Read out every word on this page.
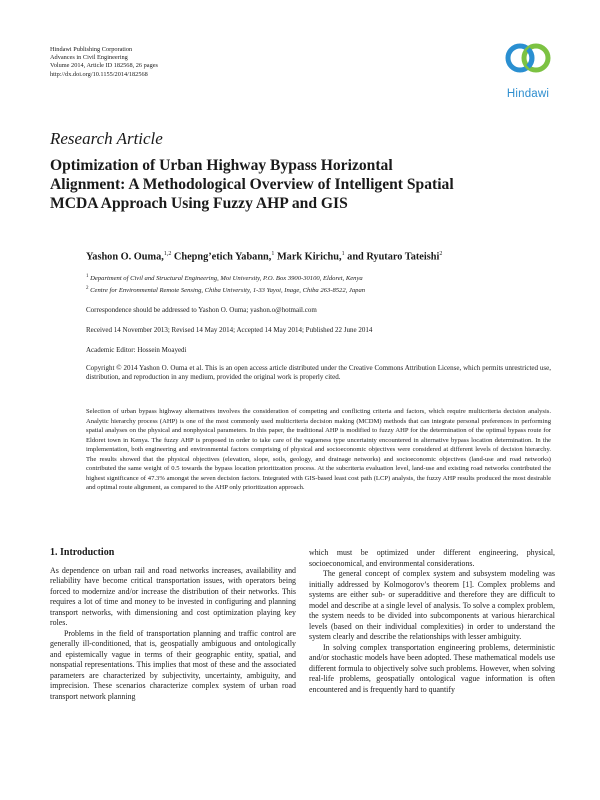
Hindawi Publishing Corporation
Advances in Civil Engineering
Volume 2014, Article ID 182568, 26 pages
http://dx.doi.org/10.1155/2014/182568
Hindawi
Research Article
Optimization of Urban Highway Bypass Horizontal Alignment: A Methodological Overview of Intelligent Spatial MCDA Approach Using Fuzzy AHP and GIS
Yashon O. Ouma,$^{1,2}$ Chepng’etich Yabann,$^1$ Mark Kirichu,$^1$ and Ryutaro Tateishi$^2$
$^1$ Department of Civil and Structural Engineering, Moi University, P.O. Box 3900-30100, Eldoret, Kenya
$^2$ Centre for Environmental Remote Sensing, Chiba University, 1-33 Yayoi, Inage, Chiba 263-8522, Japan
Correspondence should be addressed to Yashon O. Ouma; yashon.o@hotmail.com
Received 14 November 2013; Revised 14 May 2014; Accepted 14 May 2014; Published 22 June 2014
Academic Editor: Hossein Moayedi
Copyright © 2014 Yashon O. Ouma et al. This is an open access article distributed under the Creative Commons Attribution License, which permits unrestricted use, distribution, and reproduction in any medium, provided the original work is properly cited.
Selection of urban bypass highway alternatives involves the consideration of competing and conflicting criteria and factors, which require multicriteria decision analysis. Analytic hierarchy process (AHP) is one of the most commonly used multicriteria decision making (MCDM) methods that can integrate personal preferences in performing spatial analyses on the physical and nonphysical parameters. In this paper, the traditional AHP is modified to fuzzy AHP for the determination of the optimal bypass route for Eldoret town in Kenya. The fuzzy AHP is proposed in order to take care of the vagueness type uncertainty encountered in alternative bypass location determination. In the implementation, both engineering and environmental factors comprising of physical and socioeconomic objectives were considered at different levels of decision hierarchy. The results showed that the physical objectives (elevation, slope, soils, geology, and drainage networks) and socioeconomic objectives (land-use and road networks) contributed the same weight of 0.5 towards the bypass location prioritization process. At the subcriteria evaluation level, land-use and existing road networks contributed the highest significance of 47.3% amongst the seven decision factors. Integrated with GIS-based least cost path (LCP) analysis, the fuzzy AHP results produced the most desirable and optimal route alignment, as compared to the AHP only prioritization approach.
1. Introduction

As dependence on urban rail and road networks increases, availability and reliability have become critical transportation issues, with operators being forced to modernize and/or increase the distribution of their networks. This requires a lot of time and money to be invested in configuring and planning transport networks, with dimensioning and cost optimization playing key roles.

Problems in the field of transportation planning and traffic control are generally ill-conditioned, that is, geospatially ambiguous and ontologically and epistemically vague in terms of their geographic entity, spatial, and nonspatial representations. This implies that most of these and the associated parameters are characterized by subjectivity, uncertainty, ambiguity, and imprecision. These scenarios characterize complex system of urban road transport network planning

which must be optimized under different engineering, physical, socioeconomical, and environmental considerations.

The general concept of complex system and subsystem modeling was initially addressed by Kolmogorov’s theorem [1]. Complex problems and systems are either sub- or superadditive and therefore they are difficult to model and describe at a single level of analysis. To solve a complex problem, the system needs to be divided into subcomponents at various hierarchical levels (based on their individual complexities) in order to understand the system clearly and describe the relationships with lesser ambiguity.

In solving complex transportation engineering problems, deterministic and/or stochastic models have been adopted. These mathematical models use different formula to objectively solve such problems. However, when solving real-life problems, geospatially ontological vague information is often encountered and is frequently hard to quantify
